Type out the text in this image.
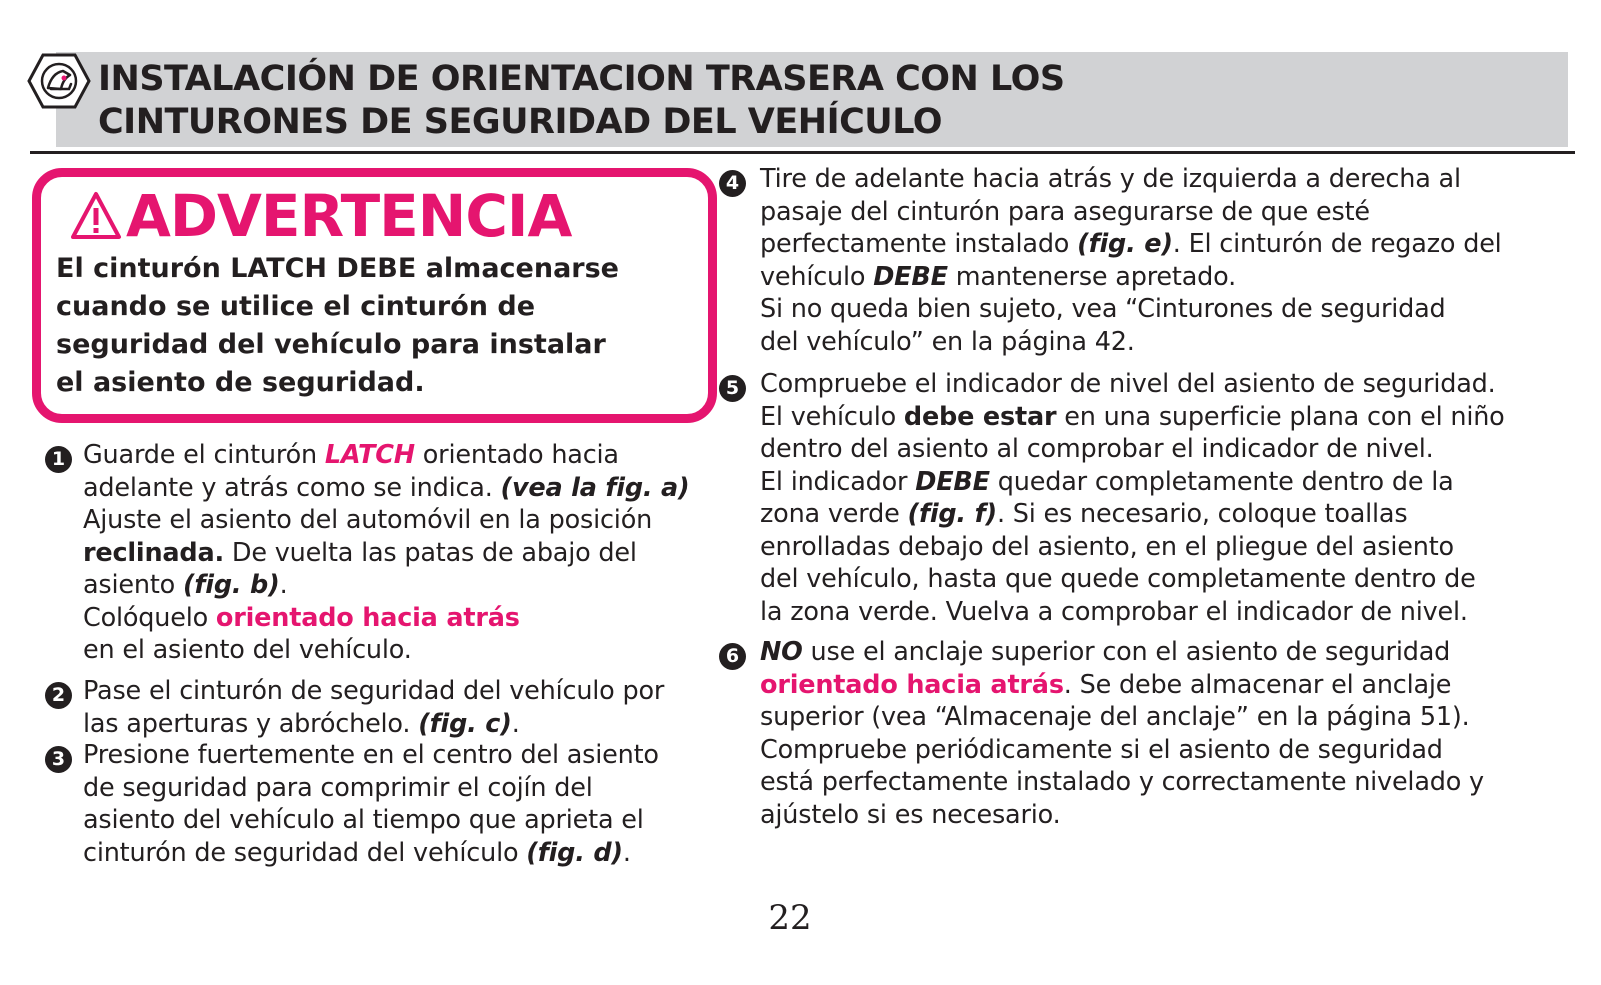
INSTALACIÓN DE ORIENTACION TRASERA CON LOS
CINTURONES DE SEGURIDAD DEL VEHÍCULO
ADVERTENCIA
El cinturón LATCH DEBE almacenarse
cuando se utilice el cinturón de
seguridad del vehículo para instalar
el asiento de seguridad.
1 Guarde el cinturón LATCH orientado hacia
adelante y atrás como se indica. (vea la fig. a)
Ajuste el asiento del automóvil en la posición
reclinada. De vuelta las patas de abajo del
asiento (fig. b).
Colóquelo orientado hacia atrás
en el asiento del vehículo.
2 Pase el cinturón de seguridad del vehículo por
las aperturas y abróchelo. (fig. c).
3 Presione fuertemente en el centro del asiento
de seguridad para comprimir el cojín del
asiento del vehículo al tiempo que aprieta el
cinturón de seguridad del vehículo (fig. d).
4 Tire de adelante hacia atrás y de izquierda a derecha al
pasaje del cinturón para asegurarse de que esté
perfectamente instalado (fig. e). El cinturón de regazo del
vehículo DEBE mantenerse apretado.
Si no queda bien sujeto, vea “Cinturones de seguridad
del vehículo” en la página 42.
5 Compruebe el indicador de nivel del asiento de seguridad.
El vehículo debe estar en una superficie plana con el niño
dentro del asiento al comprobar el indicador de nivel.
El indicador DEBE quedar completamente dentro de la
zona verde (fig. f). Si es necesario, coloque toallas
enrolladas debajo del asiento, en el pliegue del asiento
del vehículo, hasta que quede completamente dentro de
la zona verde. Vuelva a comprobar el indicador de nivel.
6 NO use el anclaje superior con el asiento de seguridad
orientado hacia atrás. Se debe almacenar el anclaje
superior (vea “Almacenaje del anclaje” en la página 51).
Compruebe periódicamente si el asiento de seguridad
está perfectamente instalado y correctamente nivelado y
ajústelo si es necesario.
22
